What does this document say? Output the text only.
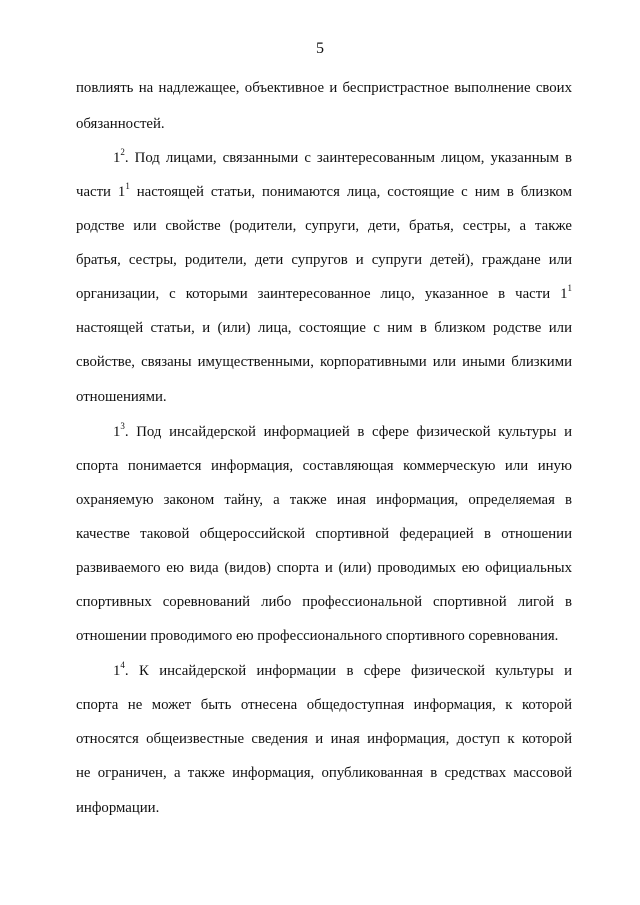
5
повлиять на надлежащее, объективное и беспристрастное выполнение своих
обязанностей.
$1^2$. Под лицами, связанными с заинтересованным лицом, указанным в
части $1^1$ настоящей статьи, понимаются лица, состоящие с ним в близком
родстве или свойстве (родители, супруги, дети, братья, сестры, а также
братья, сестры, родители, дети супругов и супруги детей), граждане или
организации, с которыми заинтересованное лицо, указанное в части $1^1$
настоящей статьи, и (или) лица, состоящие с ним в близком родстве или
свойстве, связаны имущественными, корпоративными или иными близкими
отношениями.
$1^3$. Под инсайдерской информацией в сфере физической культуры и
спорта понимается информация, составляющая коммерческую или иную
охраняемую законом тайну, а также иная информация, определяемая в
качестве таковой общероссийской спортивной федерацией в отношении
развиваемого ею вида (видов) спорта и (или) проводимых ею официальных
спортивных соревнований либо профессиональной спортивной лигой в
отношении проводимого ею профессионального спортивного соревнования.
$1^4$. К инсайдерской информации в сфере физической культуры и
спорта не может быть отнесена общедоступная информация, к которой
относятся общеизвестные сведения и иная информация, доступ к которой
не ограничен, а также информация, опубликованная в средствах массовой
информации.
